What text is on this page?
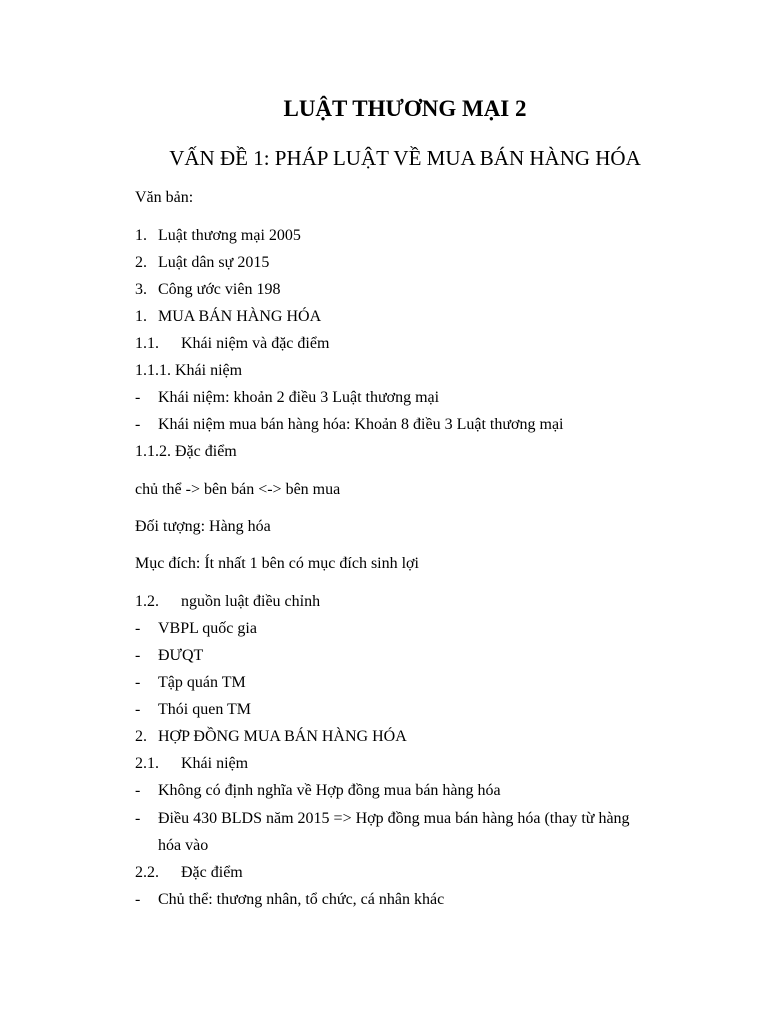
LUẬT THƯƠNG MẠI 2
VẤN ĐỀ 1: PHÁP LUẬT VỀ MUA BÁN HÀNG HÓA
Văn bản:
1. Luật thương mại 2005
2. Luật dân sự 2015
3. Công ước viên 198
1. MUA BÁN HÀNG HÓA
1.1. Khái niệm và đặc điểm
1.1.1. Khái niệm
- Khái niệm: khoản 2 điều 3 Luật thương mại
- Khái niệm mua bán hàng hóa: Khoản 8 điều 3 Luật thương mại
1.1.2. Đặc điểm
chủ thể -> bên bán <-> bên mua
Đối tượng: Hàng hóa
Mục đích: Ít nhất 1 bên có mục đích sinh lợi
1.2. nguồn luật điều chỉnh
- VBPL quốc gia
- ĐƯQT
- Tập quán TM
- Thói quen TM
2. HỢP ĐỒNG MUA BÁN HÀNG HÓA
2.1. Khái niệm
- Không có định nghĩa về Hợp đồng mua bán hàng hóa
- Điều 430 BLDS năm 2015 => Hợp đồng mua bán hàng hóa (thay từ hàng
hóa vào
2.2. Đặc điểm
- Chủ thể: thương nhân, tổ chức, cá nhân khác
